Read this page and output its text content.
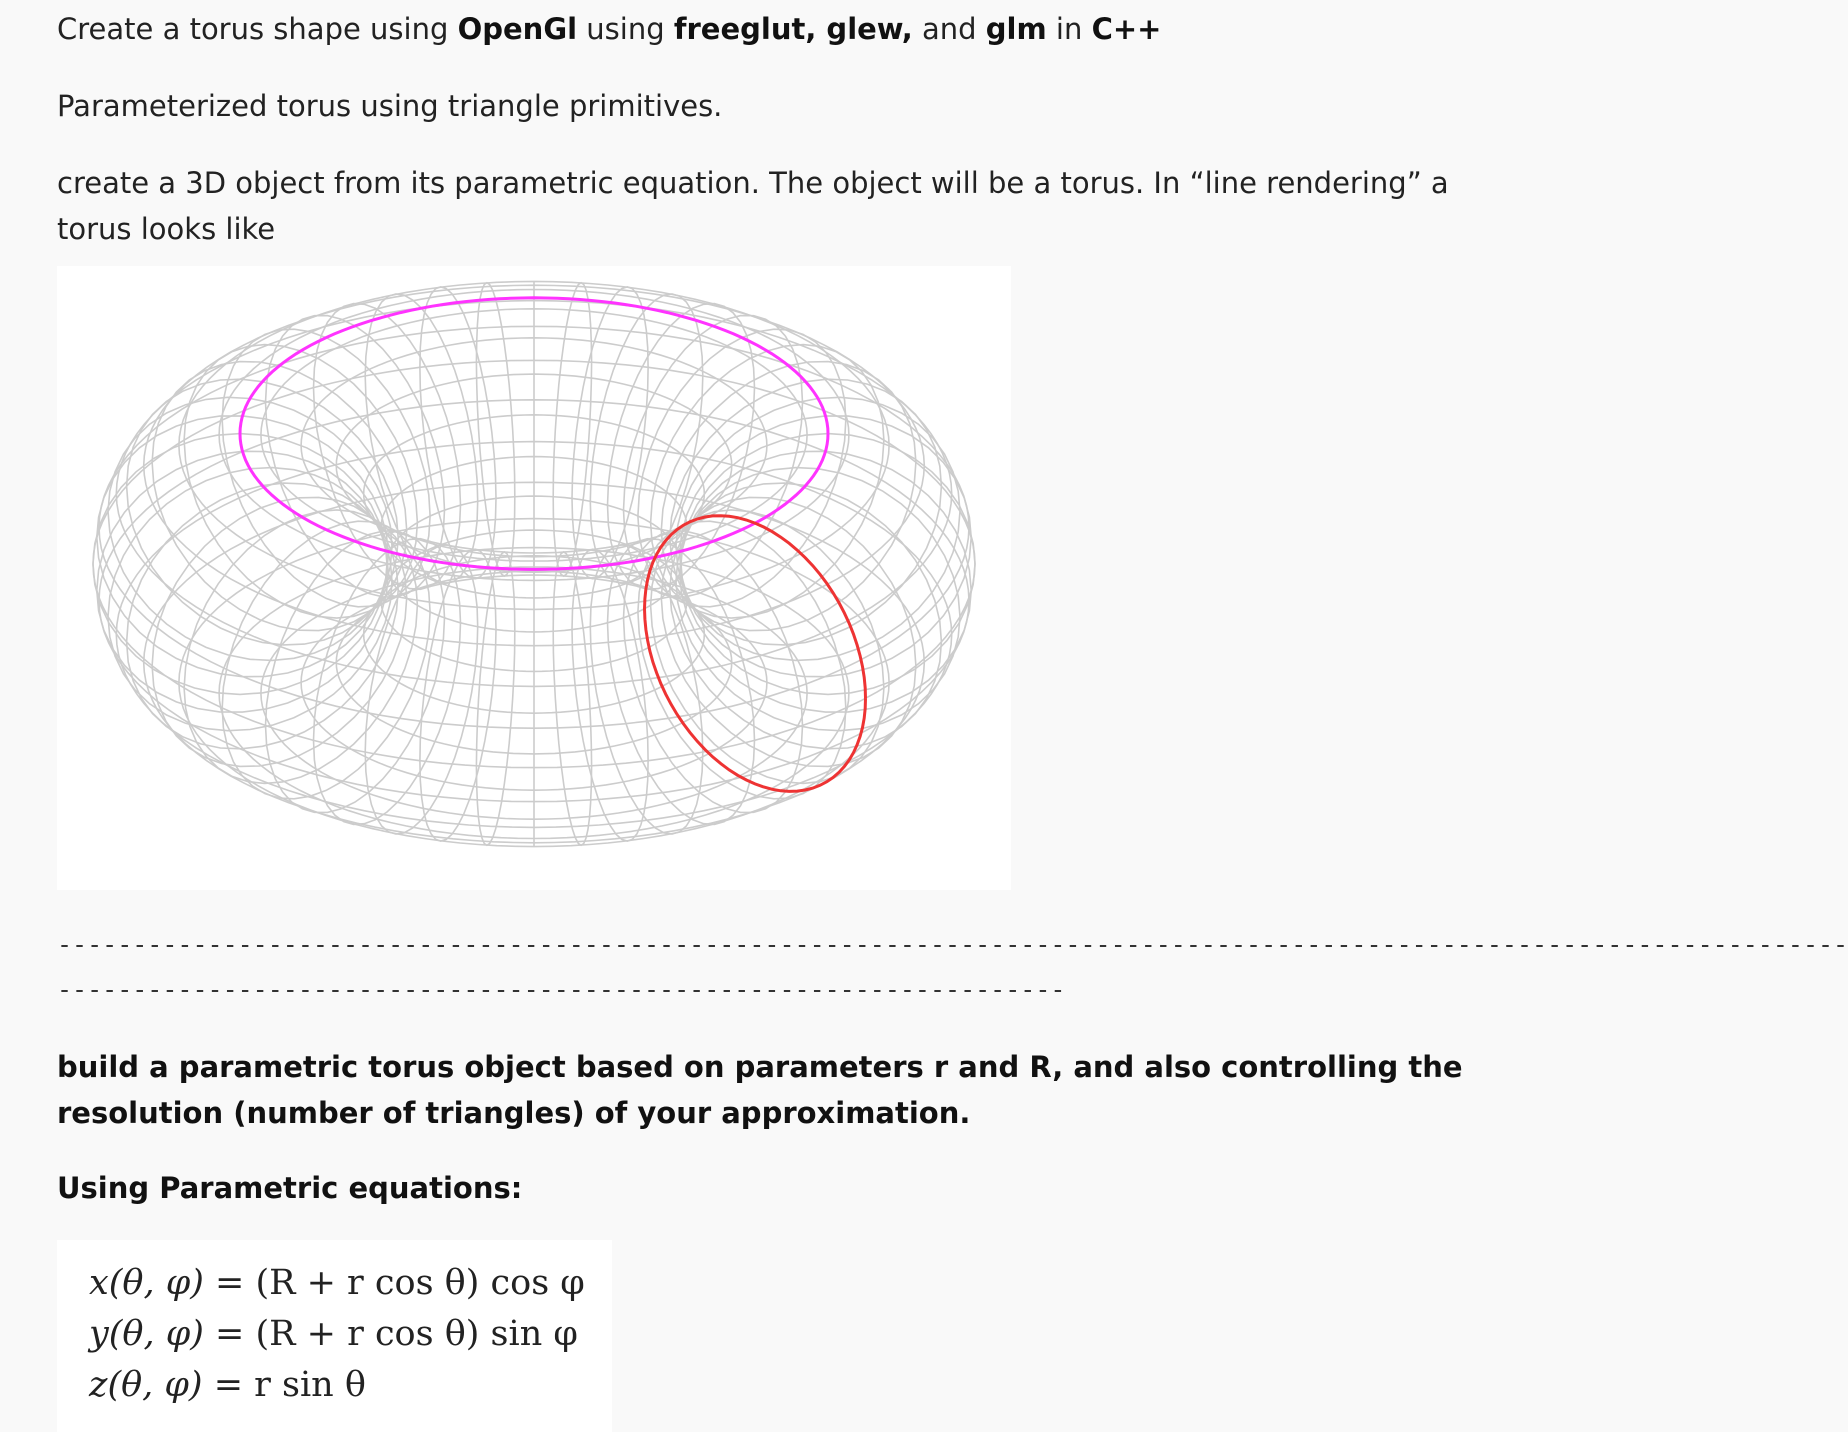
Create a torus shape using OpenGl using freeglut, glew, and glm in C++

Parameterized torus using triangle primitives.

create a 3D object from its parametric equation. The object will be a torus. In “line rendering” a torus looks like

-----------------------------------------------------------------------------------------------------------------------

-------------------------------------------------------------------

build a parametric torus object based on parameters r and R, and also controlling the resolution (number of triangles) of your approximation.

Using Parametric equations:

x(θ, φ) = (R + r cos θ) cos φ
y(θ, φ) = (R + r cos θ) sin φ
z(θ, φ) = r sin θ
